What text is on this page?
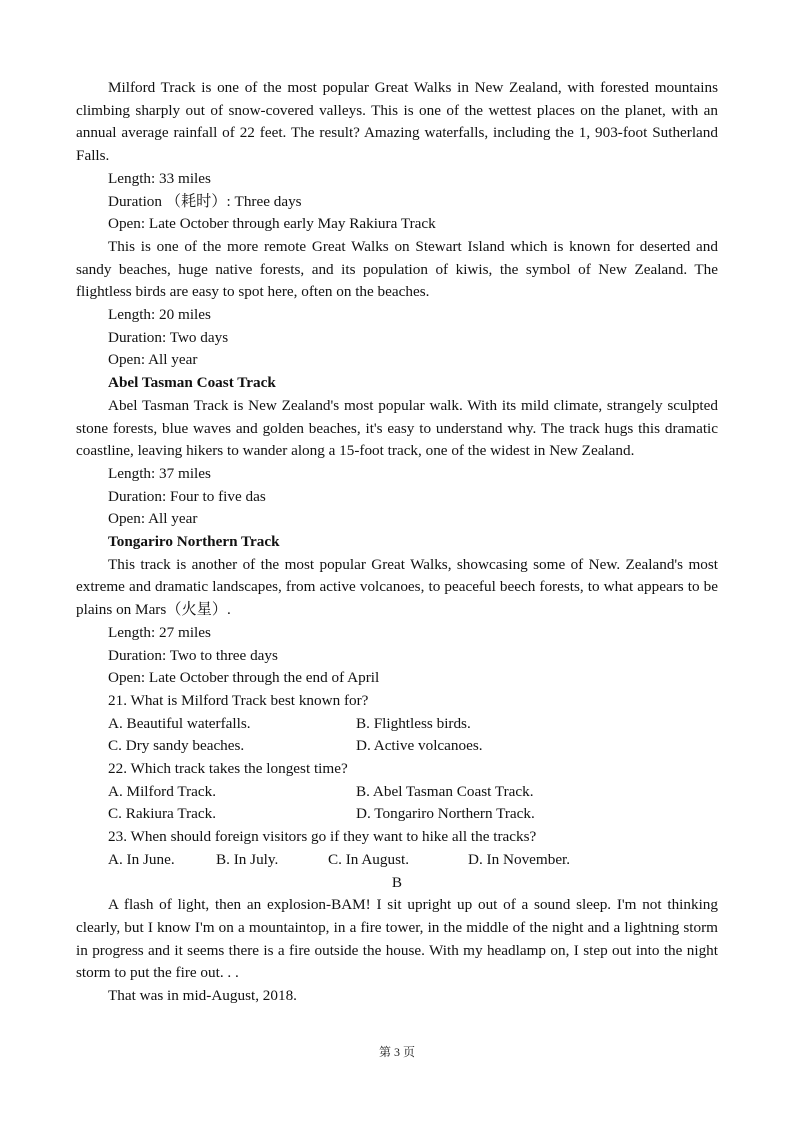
Milford Track is one of the most popular Great Walks in New Zealand, with forested mountains climbing sharply out of snow-covered valleys. This is one of the wettest places on the planet, with an annual average rainfall of 22 feet. The result? Amazing waterfalls, including the 1, 903-foot Sutherland Falls.

Length: 33 miles

Duration （耗时）: Three days

Open: Late October through early May Rakiura Track

This is one of the more remote Great Walks on Stewart Island which is known for deserted and sandy beaches, huge native forests, and its population of kiwis, the symbol of New Zealand. The flightless birds are easy to spot here, often on the beaches.

Length: 20 miles

Duration: Two days

Open: All year

Abel Tasman Coast Track

Abel Tasman Track is New Zealand's most popular walk. With its mild climate, strangely sculpted stone forests, blue waves and golden beaches, it's easy to understand why. The track hugs this dramatic coastline, leaving hikers to wander along a 15-foot track, one of the widest in New Zealand.

Length: 37 miles

Duration: Four to five das

Open: All year

Tongariro Northern Track

This track is another of the most popular Great Walks, showcasing some of New. Zealand's most extreme and dramatic landscapes, from active volcanoes, to peaceful beech forests, to what appears to be plains on Mars（火星）.

Length: 27 miles

Duration: Two to three days

Open: Late October through the end of April

21. What is Milford Track best known for?

A. Beautiful waterfalls.	B. Flightless birds.
C. Dry sandy beaches.	D. Active volcanoes.

22. Which track takes the longest time?

A. Milford Track.	B. Abel Tasman Coast Track.
C. Rakiura Track.	D. Tongariro Northern Track.

23. When should foreign visitors go if they want to hike all the tracks?

A. In June.	B. In July.	C. In August.	D. In November.

B

A flash of light, then an explosion-BAM! I sit upright up out of a sound sleep. I'm not thinking clearly, but I know I'm on a mountaintop, in a fire tower, in the middle of the night and a lightning storm in progress and it seems there is a fire outside the house. With my headlamp on, I step out into the night storm to put the fire out. . .

That was in mid-August, 2018.

第 3 页
